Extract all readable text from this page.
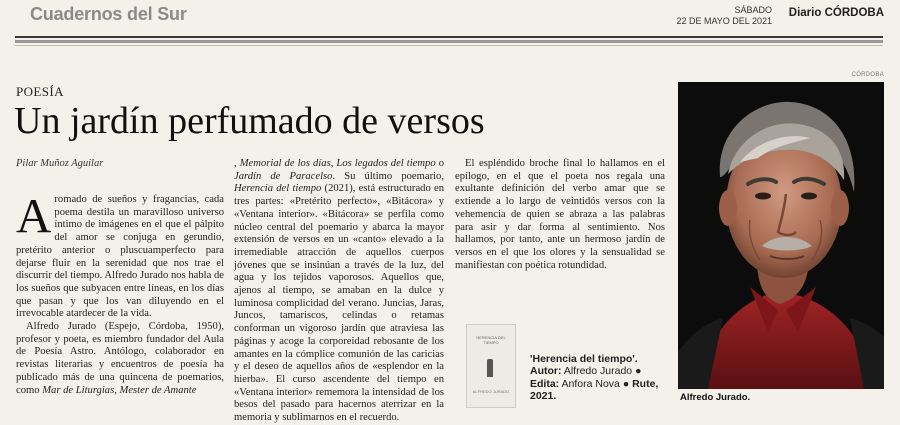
Cuadernos del Sur	SÁBADO
22 DE MAYO DEL 2021
Diario CÓRDOBA
POESÍA
Un jardín perfumado de versos
Pilar Muñoz Aguilar

Aromado de sueños y fragancias, cada poema destila un maravilloso universo íntimo de imágenes en el que el pálpito del amor se conjuga en gerundio, pretérito anterior o pluscuamperfecto para dejarse fluir en la serenidad que nos trae el discurrir del tiempo. Alfredo Jurado nos habla de los sueños que subyacen entre líneas, en los días que pasan y que los van diluyendo en el irrevocable atardecer de la vida.

Alfredo Jurado (Espejo, Córdoba, 1950), profesor y poeta, es miembro fundador del Aula de Poesía Astro. Antólogo, colaborador en revistas literarias y encuentros de poesía ha publicado más de una quincena de poemarios, como Mar de Liturgias, Mester de Amante

, Memorial de los días, Los legados del tiempo o Jardín de Paracelso. Su último poemario, Herencia del tiempo (2021), está estructurado en tres partes: «Pretérito perfecto», «Bitácora» y «Ventana interior». «Bitácora» se perfila como núcleo central del poemario y abarca la mayor extensión de versos en un «canto» elevado a la irremediable atracción de aquellos cuerpos jóvenes que se insinúan a través de la luz, del agua y los tejidos vaporosos. Aquellos que, ajenos al tiempo, se amaban en la dulce y luminosa complicidad del verano. Juncias, Jaras, Juncos, tamariscos, celindas o retamas conforman un vigoroso jardín que atraviesa las páginas y acoge la corporeidad rebosante de los amantes en la cómplice comunión de las caricias y el deseo de aquellos años de «esplendor en la hierba». El curso ascendente del tiempo en «Ventana interior» rememora la intensidad de los besos del pasado para hacernos aterrizar en la memoria y sublimarnos en el recuerdo.

El espléndido broche final lo hallamos en el epílogo, en el que el poeta nos regala una exultante definición del verbo amar que se extiende a lo largo de veintidós versos con la vehemencia de quien se abraza a las palabras para asir y dar forma al sentimiento. Nos hallamos, por tanto, ante un hermoso jardín de versos en el que los olores y la sensualidad se manifiestan con poética rotundidad.

HERENCIA DEL TIEMPO
ALFREDO JURADO
'Herencia del tiempo'. Autor: Alfredo Jurado ● Edita: Anfora Nova ● Rute, 2021.
CÓRDOBA
Alfredo Jurado.
